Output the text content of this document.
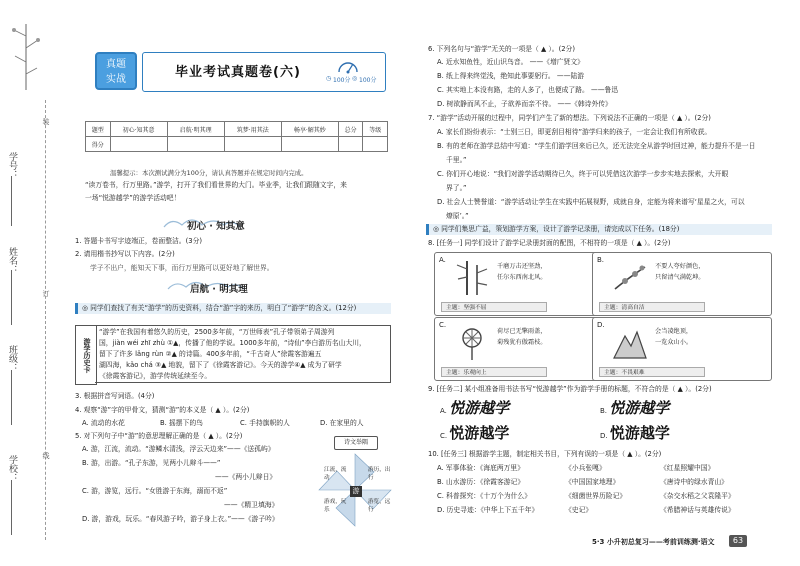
装
订
线
学号：
姓名：
班级：
学校：
真题
实战	毕业考试真题卷(六)	◷ 100分 ◎ 100分
题型	初心·知其意	启航·明其理	筑梦·用其法	畅享·解其妙	总分	等级
得分						
温馨提示：本次测试满分为100分，请认真答题并在规定时间内完成。
“读万卷书，行万里路。”游学，打开了我们看世界的大门。毕业季，让我们跟随文字，来
一场“悦游越学”的游学活动吧！
初心 · 知其意
1. 答题卡书写字迹端正，卷面整洁。(3分)
2. 请用楷书抄写以下内容。(2分)
学子不出户，能知天下事，而行万里路可以更好地了解世界。
启航 · 明其理
◎ 同学们查找了有关“游学”的历史资料，结合“游”字的来历，明白了“游学”的含义。(12分)
游学历史卡
“游学”在我国有着悠久的历史，2500多年前，“万世师表”孔子带领弟子周游列
国，jiàn wéi zhī zhù ①▲，传播了他的学说。1000多年前，“诗仙”李白游历名山大川，
留下了许多 lǎng rùn ②▲ 的诗篇。400多年前，“千古奇人”徐霞客游遍五
湖四海，kǎo chá ③▲ 地貌，留下了《徐霞客游记》。今天的游学④▲ 成为了研学
《徐霞客游记》，游学传统延续至今。
3. 根据拼音写词语。(4分)
4. 观察“游”字的甲骨文，猜测“游”的本义是（ ▲ ）。(2分)
A. 流动的水花	B. 摇摆下的鸟	C. 手持旗帜的人	D. 在家里的人
5. 对下列句子中“游”的意思理解正确的是（ ▲ ）。(2分)
A. 游，江流，流动。“游鳞水清浅，浮云天边来”——《送孤屿》
B. 游，出游。“孔子东游，见两小儿辩斗——”
——《两小儿辩日》
C. 游，游览，远行。“女胜游于东海，溺而不返”
——《精卫填海》
D. 游，游戏，玩乐。“春风游子吟，游子身上衣。”——《游子吟》
诗文举隅
江流，流动
游历，出行
游戏，玩乐
游览，远行
游
6. 下列名句与“游学”无关的一项是（ ▲ ）。(2分)
A. 近水知鱼性，近山识鸟音。 ——《增广贤文》
B. 纸上得来终觉浅，绝知此事要躬行。 ——陆游
C. 其实地上本没有路，走的人多了，也便成了路。 ——鲁迅
D. 树欲静而风不止，子欲养而亲不待。 ——《韩诗外传》
7. “游学”活动开展的过程中，同学们产生了新的想法。下列说法不正确的一项是（ ▲ ）。(2分)
A. 家长们纷纷表示：“士别三日，即更刮目相待”游学归来的孩子，一定会让我们有所收获。
B. 有的老师在游学总结中写道：“学生们游学回来后已久，还无法完全从游学时回过神，能力提升不是一日
千里。”
C. 你们开心地说：“我们对游学活动期待已久，终于可以凭借这次游学一步步实地去探索，大开眼
界了。”
D. 社会人士赞誉道：“游学活动让学生在实践中拓展视野，成就自身，定能为将来谱写‘星星之火，可以
燎原’。”
◎ 同学们集思广益，策划游学方案，设计了游学记录册，请完成以下任务。(18分)
8. [任务一] 同学们设计了游学记录册封面的配图，不相符的一项是（ ▲ ）。(2分)
A.
千磨万击还坚劲，
任尔东西南北风。
主题：坚强不屈
B.
不要人夸好颜色，
只留清气满乾坤。
主题：清高自洁
C.
荷尽已无擎雨盖，
菊残犹有傲霜枝。
主题：乐观向上
D.
会当凌绝顶，
一览众山小。
主题：不畏艰难
9. [任务二] 某小组准备用书法书写“悦游越学”作为游学手册的标题，不符合的是（ ▲ ）。(2分)
A. 悦游越学	B. 悦游越学
C. 悦游越学	D. 悦游越学
10. [任务三] 根据游学主题，制定相关书目，下列有误的一项是（ ▲ ）。(2分)
A. 军事体验：《海底两万里》	《小兵张嘎》	《红星照耀中国》
B. 山水游历：《徐霞客游记》	《中国国家地理》	《唐诗中的绿水青山》
C. 科普探究：《十万个为什么》	《细菌世界历险记》	《杂交水稻之父袁隆平》
D. 历史寻迹：《中华上下五千年》	《史记》	《希腊神话与英雄传说》
5·3 小升初总复习——考前训练测·语文	63
